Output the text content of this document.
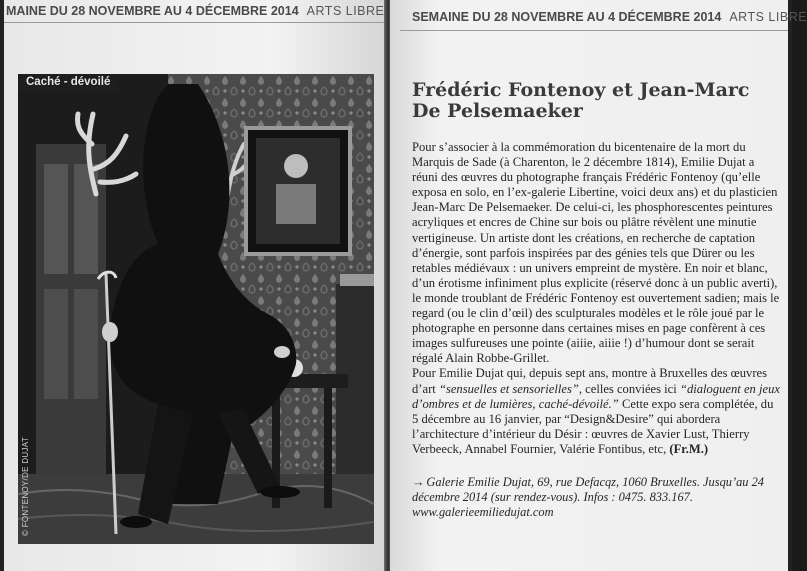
MAINE DU 28 NOVEMBRE AU 4 DÉCEMBRE 2014 ARTS LIBRE
Caché - dévoilé
© FONTENOY/DE DUJAT
SEMAINE DU 28 NOVEMBRE AU 4 DÉCEMBRE 2014 ARTS LIBRE
Frédéric Fontenoy et Jean-Marc De Pelsemaeker

Pour s’associer à la commémoration du bicentenaire de la mort du Marquis de Sade (à Charenton, le 2 décembre 1814), Emilie Dujat a réuni des œuvres du photographe français Frédéric Fontenoy (qu’elle exposa en solo, en l’ex-galerie Libertine, voici deux ans) et du plasticien Jean-Marc De Pelsemaeker. De celui-ci, les phosphorescentes peintures acryliques et encres de Chine sur bois ou plâtre révèlent une minutie vertigineuse. Un artiste dont les créations, en recherche de captation d’énergie, sont parfois inspirées par des génies tels que Dürer ou les retables médiévaux : un univers empreint de mystère. En noir et blanc, d’un érotisme infiniment plus explicite (réservé donc à un public averti), le monde troublant de Frédéric Fontenoy est ouvertement sadien; mais le regard (ou le clin d’œil) des sculpturales modèles et le rôle joué par le photographe en personne dans certaines mises en page confèrent à ces images sulfureuses une pointe (aiiie, aiiie !) d’humour dont se serait régalé Alain Robbe-Grillet.

Pour Emilie Dujat qui, depuis sept ans, montre à Bruxelles des œuvres d’art “sensuelles et sensorielles”, celles conviées ici “dialoguent en jeux d’ombres et de lumières, caché-dévoilé.” Cette expo sera complétée, du 5 décembre au 16 janvier, par “Design&Desire” qui abordera l’architecture d’intérieur du Désir : œuvres de Xavier Lust, Thierry Verbeeck, Annabel Fournier, Valérie Fontibus, etc, (Fr.M.)

→ Galerie Emilie Dujat, 69, rue Defacqz, 1060 Bruxelles. Jusqu’au 24 décembre 2014 (sur rendez-vous). Infos : 0475. 833.167.
www.galerieemiliedujat.com
